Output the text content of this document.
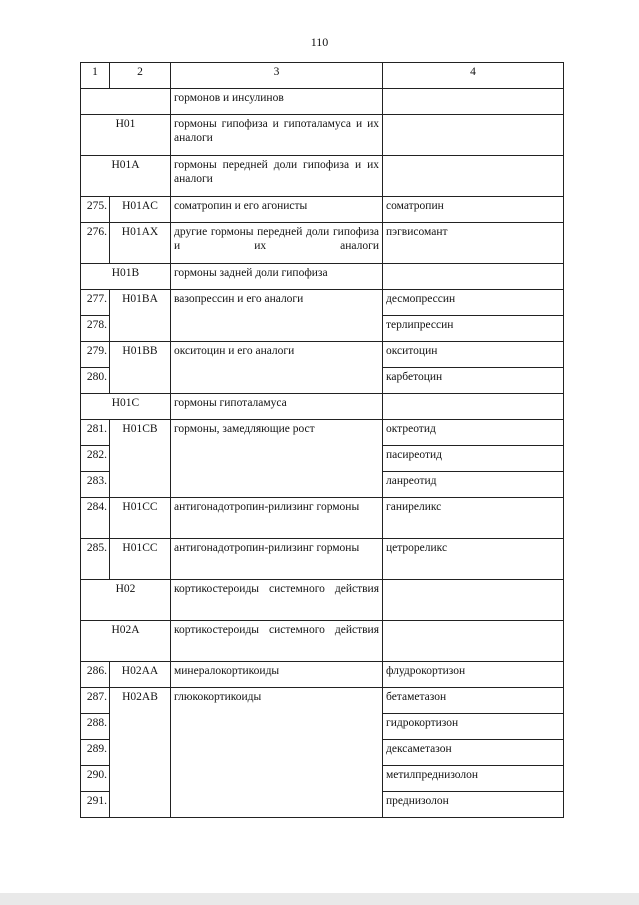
110
1	2	3	4
		гормонов и инсулинов	
H01		гормоны гипофиза и гипоталамуса и их аналоги	
H01A		гормоны передней доли гипофиза и их аналоги	
275.	H01AC	соматропин и его агонисты	соматропин
276.	H01AX	другие гормоны передней доли гипофиза и их аналоги	пэгвисомант
H01B		гормоны задней доли гипофиза	
277.	H01BA	вазопрессин и его аналоги	десмопрессин
278.			терлипрессин
279.	H01BB	окситоцин и его аналоги	окситоцин
280.			карбетоцин
H01C		гормоны гипоталамуса	
281.	H01CB	гормоны, замедляющие рост	октреотид
282.			пасиреотид
283.			ланреотид
284.	H01CC	антигонадотропин-рилизинг гормоны	ганиреликс
285.	H01CC	антигонадотропин-рилизинг гормоны	цетрореликс
H02		кортикостероиды системного действия	
H02A		кортикостероиды системного действия	
286.	H02AA	минералокортикоиды	флудрокортизон
287.	H02AB	глюкокортикоиды	бетаметазон
288.			гидрокортизон
289.			дексаметазон
290.			метилпреднизолон
291.			преднизолон
